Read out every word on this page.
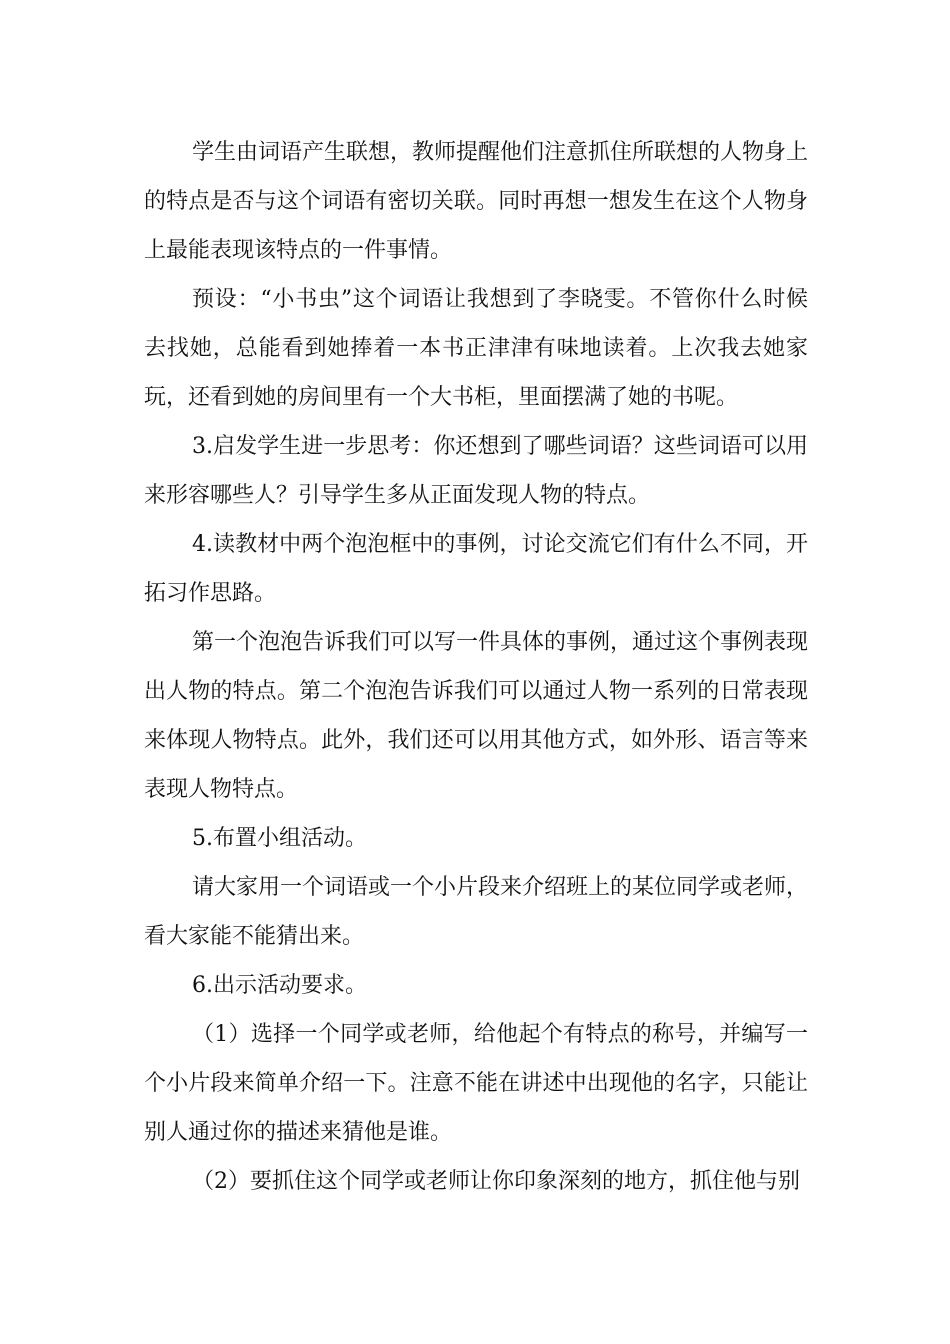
学生由词语产生联想，教师提醒他们注意抓住所联想的人物身上的特点是否与这个词语有密切关联。同时再想一想发生在这个人物身上最能表现该特点的一件事情。

预设：“小书虫”这个词语让我想到了李晓雯。不管你什么时候去找她，总能看到她捧着一本书正津津有味地读着。上次我去她家玩，还看到她的房间里有一个大书柜，里面摆满了她的书呢。

3.启发学生进一步思考：你还想到了哪些词语？这些词语可以用来形容哪些人？引导学生多从正面发现人物的特点。

4.读教材中两个泡泡框中的事例，讨论交流它们有什么不同，开拓习作思路。

第一个泡泡告诉我们可以写一件具体的事例，通过这个事例表现出人物的特点。第二个泡泡告诉我们可以通过人物一系列的日常表现来体现人物特点。此外，我们还可以用其他方式，如外形、语言等来表现人物特点。

5.布置小组活动。

请大家用一个词语或一个小片段来介绍班上的某位同学或老师，看大家能不能猜出来。

6.出示活动要求。

（1）选择一个同学或老师，给他起个有特点的称号，并编写一个小片段来简单介绍一下。注意不能在讲述中出现他的名字，只能让别人通过你的描述来猜他是谁。

（2）要抓住这个同学或老师让你印象深刻的地方，抓住他与别
